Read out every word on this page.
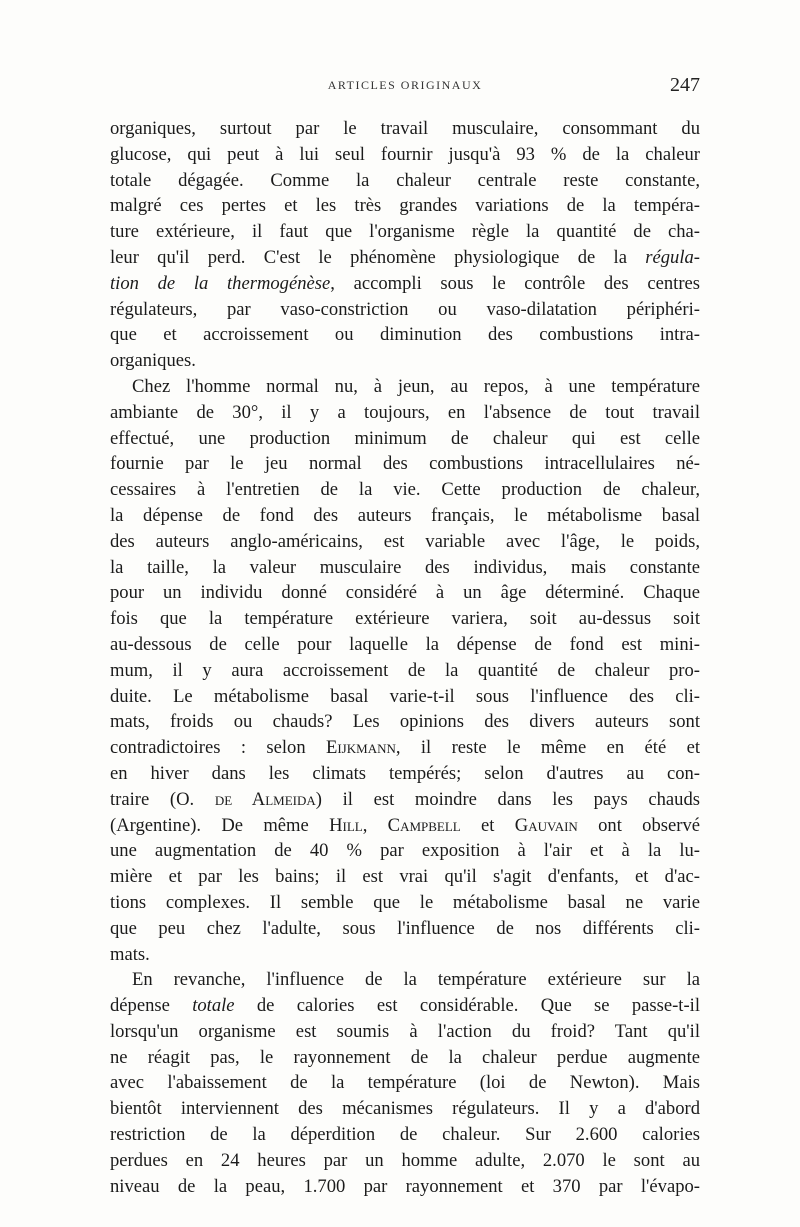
ARTICLES ORIGINAUX	247
organiques, surtout par le travail musculaire, consommant du
glucose, qui peut à lui seul fournir jusqu'à 93 % de la chaleur
totale dégagée. Comme la chaleur centrale reste constante,
malgré ces pertes et les très grandes variations de la tempéra-
ture extérieure, il faut que l'organisme règle la quantité de cha-
leur qu'il perd. C'est le phénomène physiologique de la régula-
tion de la thermogénèse, accompli sous le contrôle des centres
régulateurs, par vaso-constriction ou vaso-dilatation périphéri-
que et accroissement ou diminution des combustions intra-
organiques.
Chez l'homme normal nu, à jeun, au repos, à une température
ambiante de 30°, il y a toujours, en l'absence de tout travail
effectué, une production minimum de chaleur qui est celle
fournie par le jeu normal des combustions intracellulaires né-
cessaires à l'entretien de la vie. Cette production de chaleur,
la dépense de fond des auteurs français, le métabolisme basal
des auteurs anglo-américains, est variable avec l'âge, le poids,
la taille, la valeur musculaire des individus, mais constante
pour un individu donné considéré à un âge déterminé. Chaque
fois que la température extérieure variera, soit au-dessus soit
au-dessous de celle pour laquelle la dépense de fond est mini-
mum, il y aura accroissement de la quantité de chaleur pro-
duite. Le métabolisme basal varie-t-il sous l'influence des cli-
mats, froids ou chauds? Les opinions des divers auteurs sont
contradictoires : selon Eijkmann, il reste le même en été et
en hiver dans les climats tempérés; selon d'autres au con-
traire (O. de Almeida) il est moindre dans les pays chauds
(Argentine). De même Hill, Campbell et Gauvain ont observé
une augmentation de 40 % par exposition à l'air et à la lu-
mière et par les bains; il est vrai qu'il s'agit d'enfants, et d'ac-
tions complexes. Il semble que le métabolisme basal ne varie
que peu chez l'adulte, sous l'influence de nos différents cli-
mats.
En revanche, l'influence de la température extérieure sur la
dépense totale de calories est considérable. Que se passe-t-il
lorsqu'un organisme est soumis à l'action du froid? Tant qu'il
ne réagit pas, le rayonnement de la chaleur perdue augmente
avec l'abaissement de la température (loi de Newton). Mais
bientôt interviennent des mécanismes régulateurs. Il y a d'abord
restriction de la déperdition de chaleur. Sur 2.600 calories
perdues en 24 heures par un homme adulte, 2.070 le sont au
niveau de la peau, 1.700 par rayonnement et 370 par l'évapo-
